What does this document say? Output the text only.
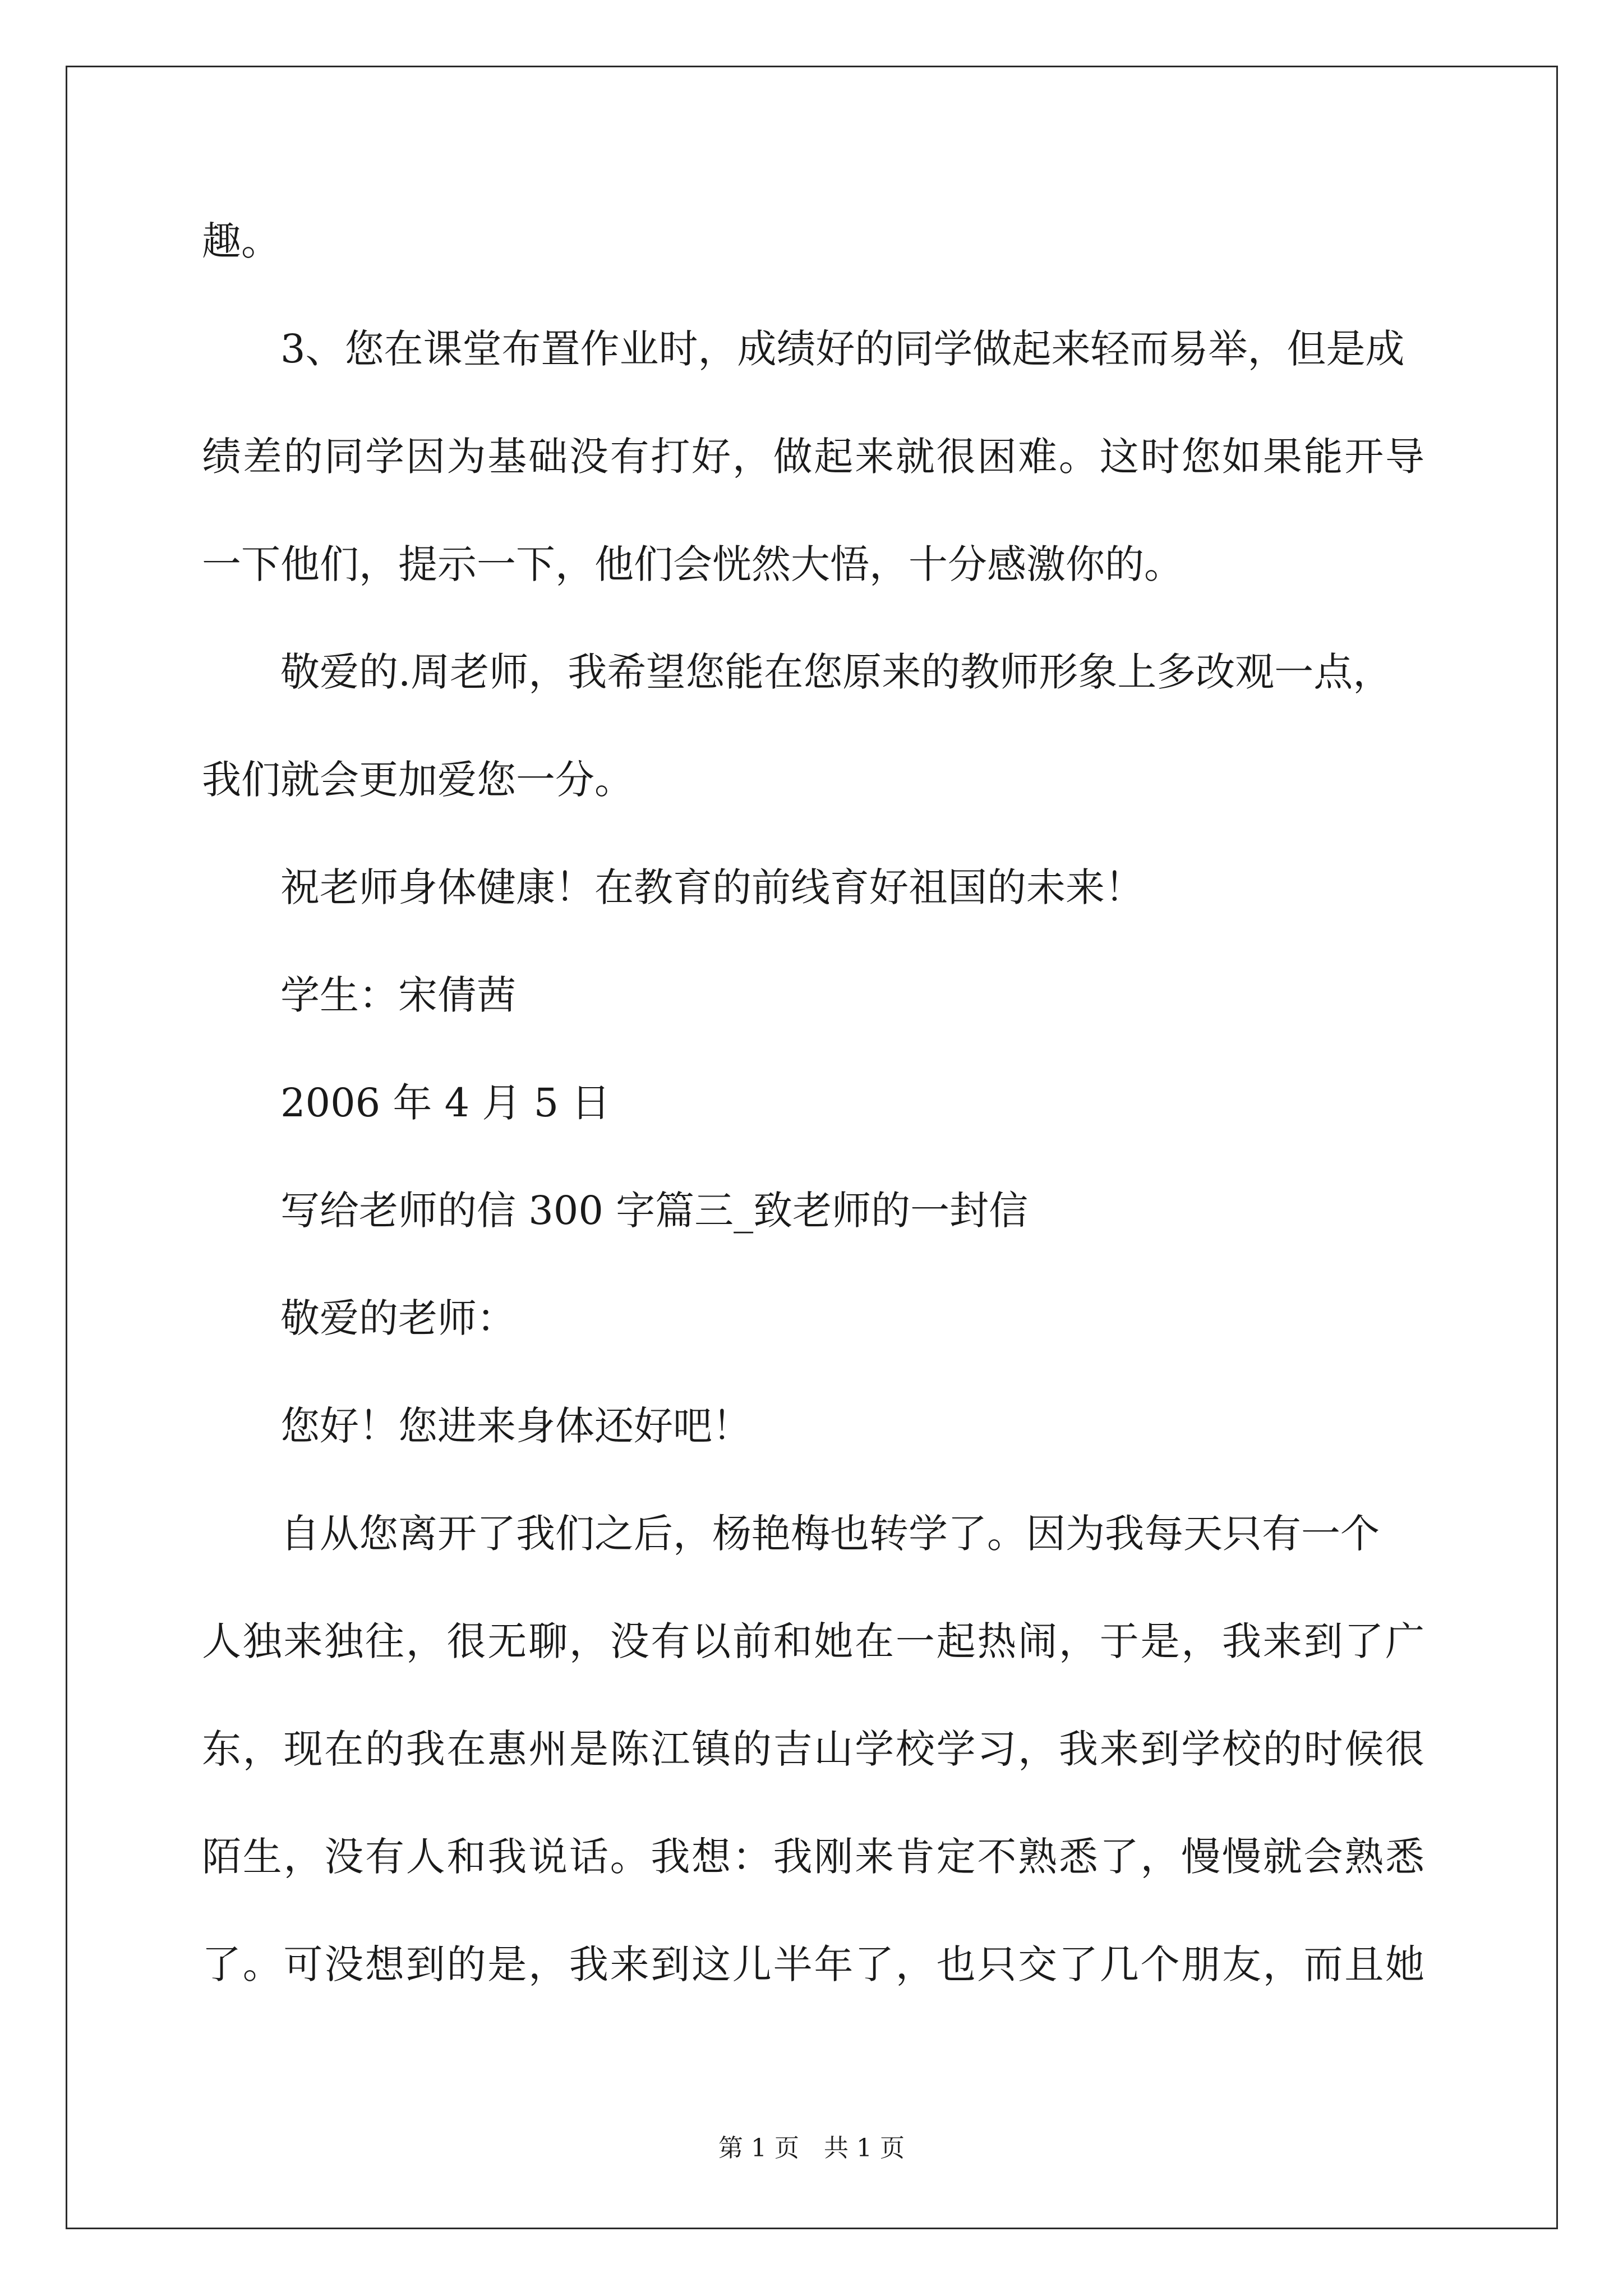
趣。
3、您在课堂布置作业时，成绩好的同学做起来轻而易举，但是成
绩差的同学因为基础没有打好，做起来就很困难。这时您如果能开导
一下他们，提示一下，他们会恍然大悟，十分感激你的。
敬爱的.周老师，我希望您能在您原来的教师形象上多改观一点，
我们就会更加爱您一分。
祝老师身体健康！在教育的前线育好祖国的未来！
学生：宋倩茜
2006 年 4 月 5 日
写给老师的信 300 字篇三_致老师的一封信
敬爱的老师：
您好！您进来身体还好吧！
自从您离开了我们之后，杨艳梅也转学了。因为我每天只有一个
人独来独往，很无聊，没有以前和她在一起热闹，于是，我来到了广
东，现在的我在惠州是陈江镇的吉山学校学习，我来到学校的时候很
陌生，没有人和我说话。我想：我刚来肯定不熟悉了，慢慢就会熟悉
了。可没想到的是，我来到这儿半年了，也只交了几个朋友，而且她
第 1 页　共 1 页
